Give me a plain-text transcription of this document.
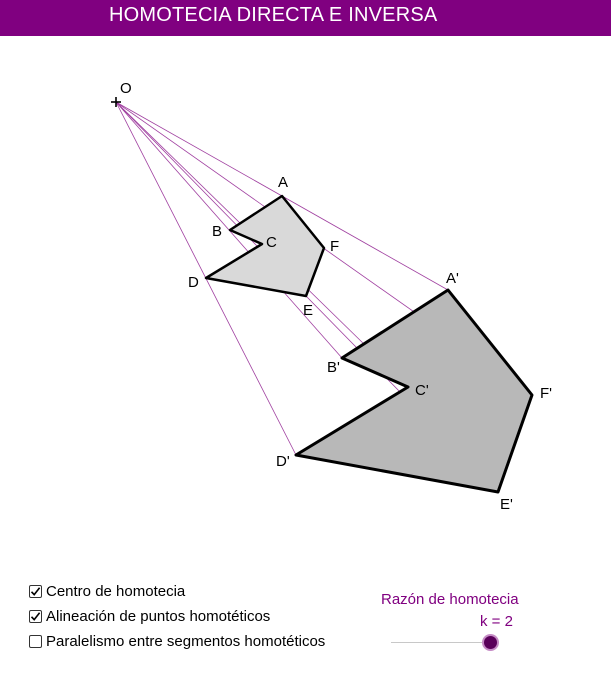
HOMOTECIA DIRECTA E INVERSA
O
A
B
C
D
E
F
A'
B'
C'
D'
E'
F'
Centro de homotecia
Alineación de puntos homotéticos
Paralelismo entre segmentos homotéticos
Razón de homotecia
k = 2
